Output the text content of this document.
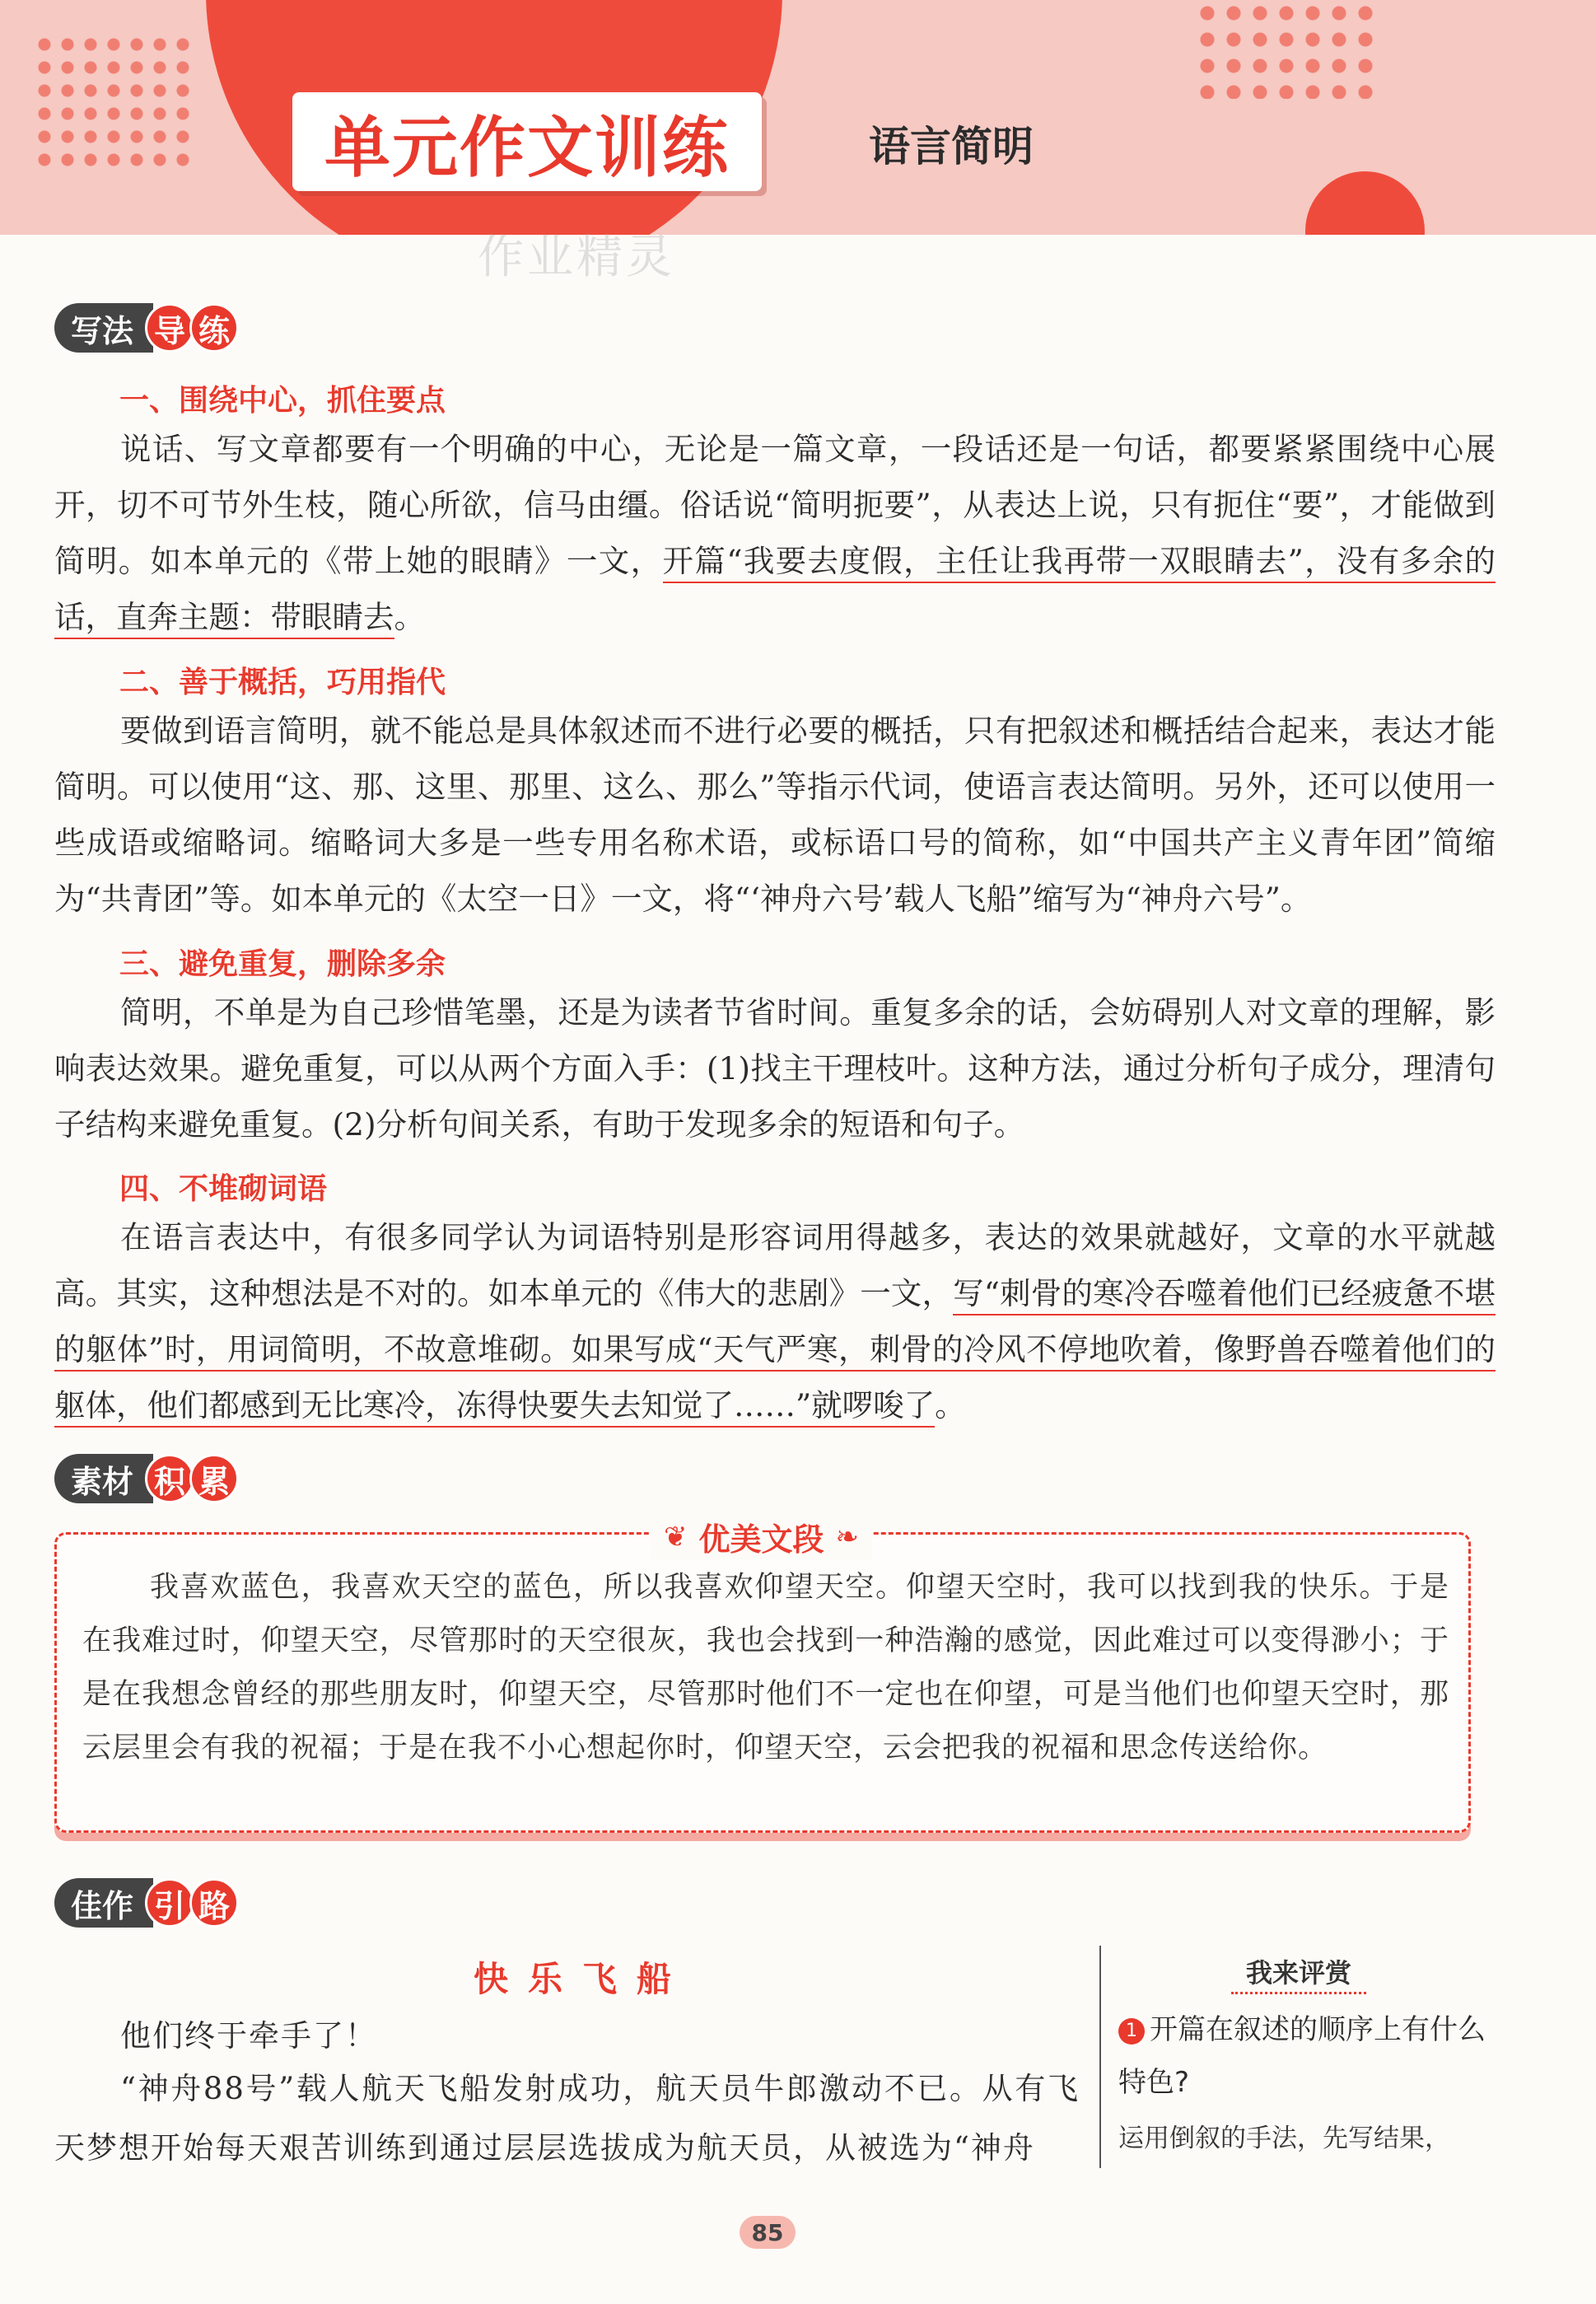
单元作文训练	语言简明
作业精灵
写法 导 练
一、围绕中心，抓住要点

说话、写文章都要有一个明确的中心，无论是一篇文章，一段话还是一句话，都要紧紧围绕中心展开，切不可节外生枝，随心所欲，信马由缰。俗话说“简明扼要”，从表达上说，只有扼住“要”，才能做到简明。如本单元的《带上她的眼睛》一文，开篇“我要去度假，主任让我再带一双眼睛去”，没有多余的话，直奔主题：带眼睛去。

二、善于概括，巧用指代

要做到语言简明，就不能总是具体叙述而不进行必要的概括，只有把叙述和概括结合起来，表达才能简明。可以使用“这、那、这里、那里、这么、那么”等指示代词，使语言表达简明。另外，还可以使用一些成语或缩略词。缩略词大多是一些专用名称术语，或标语口号的简称，如“中国共产主义青年团”简缩为“共青团”等。如本单元的《太空一日》一文，将“‘神舟六号’载人飞船”缩写为“神舟六号”。

三、避免重复，删除多余

简明，不单是为自己珍惜笔墨，还是为读者节省时间。重复多余的话，会妨碍别人对文章的理解，影响表达效果。避免重复，可以从两个方面入手：(1)找主干理枝叶。这种方法，通过分析句子成分，理清句子结构来避免重复。(2)分析句间关系，有助于发现多余的短语和句子。

四、不堆砌词语

在语言表达中，有很多同学认为词语特别是形容词用得越多，表达的效果就越好，文章的水平就越高。其实，这种想法是不对的。如本单元的《伟大的悲剧》一文，写“刺骨的寒冷吞噬着他们已经疲惫不堪的躯体”时，用词简明，不故意堆砌。如果写成“天气严寒，刺骨的冷风不停地吹着，像野兽吞噬着他们的躯体，他们都感到无比寒冷，冻得快要失去知觉了……”就啰唆了。

素材 积 累
❦ 优美文段 ❧

我喜欢蓝色，我喜欢天空的蓝色，所以我喜欢仰望天空。仰望天空时，我可以找到我的快乐。于是在我难过时，仰望天空，尽管那时的天空很灰，我也会找到一种浩瀚的感觉，因此难过可以变得渺小；于是在我想念曾经的那些朋友时，仰望天空，尽管那时他们不一定也在仰望，可是当他们也仰望天空时，那云层里会有我的祝福；于是在我不小心想起你时，仰望天空，云会把我的祝福和思念传送给你。

佳作 引 路
快乐飞船

他们终于牵手了！

“神舟88号”载人航天飞船发射成功，航天员牛郎激动不已。从有飞天梦想开始每天艰苦训练到通过层层选拔成为航天员，从被选为“神舟

我来评赏

1 开篇在叙述的顺序上有什么特色?

运用倒叙的手法，先写结果，

85
